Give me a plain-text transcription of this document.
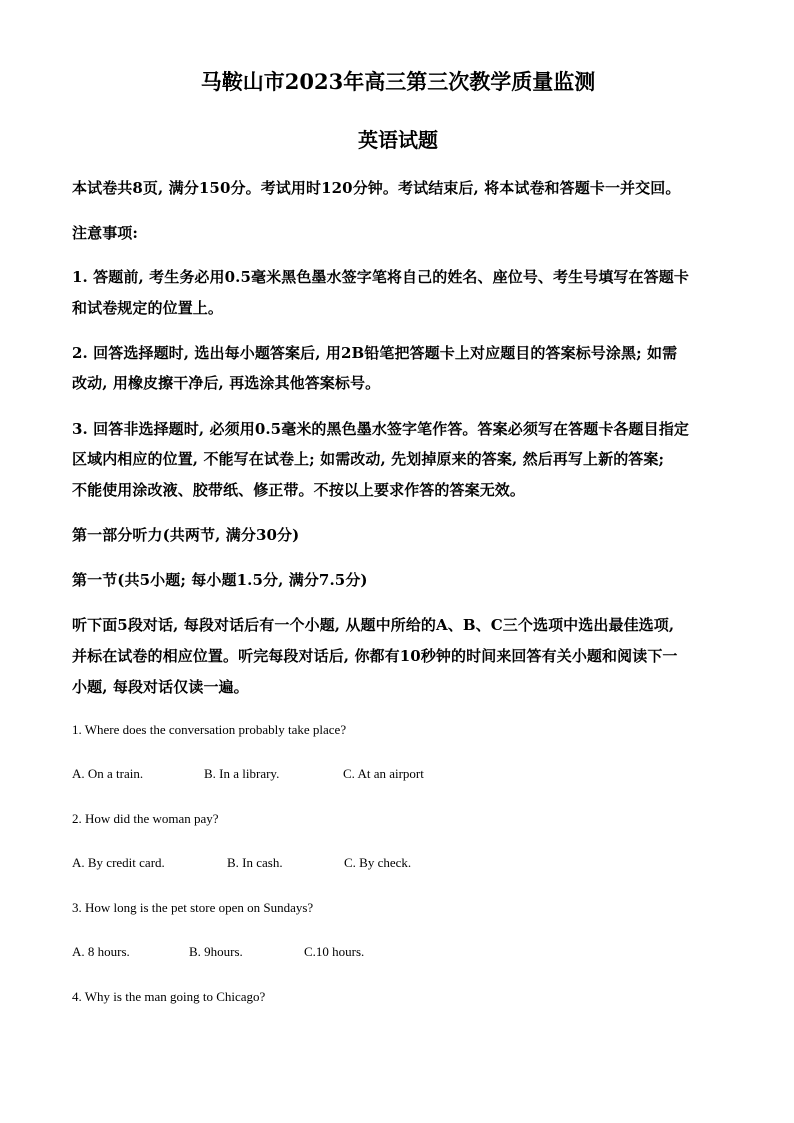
马鞍山市2023年高三第三次教学质量监测
英语试题
本试卷共8页, 满分150分。考试用时120分钟。考试结束后, 将本试卷和答题卡一并交回。
注意事项:
1. 答题前, 考生务必用0.5毫米黑色墨水签字笔将自己的姓名、座位号、考生号填写在答题卡
和试卷规定的位置上。
2. 回答选择题时, 选出每小题答案后, 用2B铅笔把答题卡上对应题目的答案标号涂黑; 如需
改动, 用橡皮擦干净后, 再选涂其他答案标号。
3. 回答非选择题时, 必须用0.5毫米的黑色墨水签字笔作答。答案必须写在答题卡各题目指定
区域内相应的位置, 不能写在试卷上; 如需改动, 先划掉原来的答案, 然后再写上新的答案;
不能使用涂改液、胶带纸、修正带。不按以上要求作答的答案无效。
第一部分听力(共两节, 满分30分)
第一节(共5小题; 每小题1.5分, 满分7.5分)
听下面5段对话, 每段对话后有一个小题, 从题中所给的A、B、C三个选项中选出最佳选项,
并标在试卷的相应位置。听完每段对话后, 你都有10秒钟的时间来回答有关小题和阅读下一
小题, 每段对话仅读一遍。
1. Where does the conversation probably take place?
A. On a train.	B. In a library.	C. At an airport
2. How did the woman pay?
A. By credit card.	B. In cash.	C. By check.
3. How long is the pet store open on Sundays?
A. 8 hours.	B. 9hours.	C.10 hours.
4. Why is the man going to Chicago?
